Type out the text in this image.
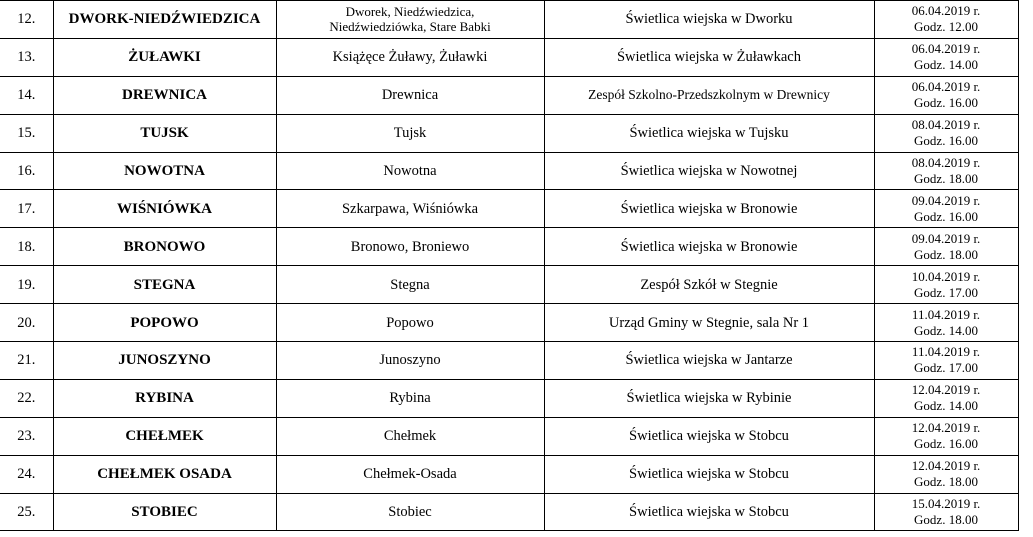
12.	DWORK-NIEDŹWIEDZICA	Dworek, Niedźwiedzica,
Niedźwiedziówka, Stare Babki	Świetlica wiejska w Dworku	06.04.2019 r.
Godz. 12.00

13.	ŻUŁAWKI	Książęce Żuławy, Żuławki	Świetlica wiejska w Żuławkach	06.04.2019 r.
Godz. 14.00

14.	DREWNICA	Drewnica	Zespół Szkolno-Przedszkolnym w Drewnicy	06.04.2019 r.
Godz. 16.00

15.	TUJSK	Tujsk	Świetlica wiejska w Tujsku	08.04.2019 r.
Godz. 16.00

16.	NOWOTNA	Nowotna	Świetlica wiejska w Nowotnej	08.04.2019 r.
Godz. 18.00

17.	WIŚNIÓWKA	Szkarpawa, Wiśniówka	Świetlica wiejska w Bronowie	09.04.2019 r.
Godz. 16.00

18.	BRONOWO	Bronowo, Broniewo	Świetlica wiejska w Bronowie	09.04.2019 r.
Godz. 18.00

19.	STEGNA	Stegna	Zespół Szkół w Stegnie	10.04.2019 r.
Godz. 17.00

20.	POPOWO	Popowo	Urząd Gminy w Stegnie, sala Nr 1	11.04.2019 r.
Godz. 14.00

21.	JUNOSZYNO	Junoszyno	Świetlica wiejska w Jantarze	11.04.2019 r.
Godz. 17.00

22.	RYBINA	Rybina	Świetlica wiejska w Rybinie	12.04.2019 r.
Godz. 14.00

23.	CHEŁMEK	Chełmek	Świetlica wiejska w Stobcu	12.04.2019 r.
Godz. 16.00

24.	CHEŁMEK OSADA	Chełmek-Osada	Świetlica wiejska w Stobcu	12.04.2019 r.
Godz. 18.00

25.	STOBIEC	Stobiec	Świetlica wiejska w Stobcu	15.04.2019 r.
Godz. 18.00
